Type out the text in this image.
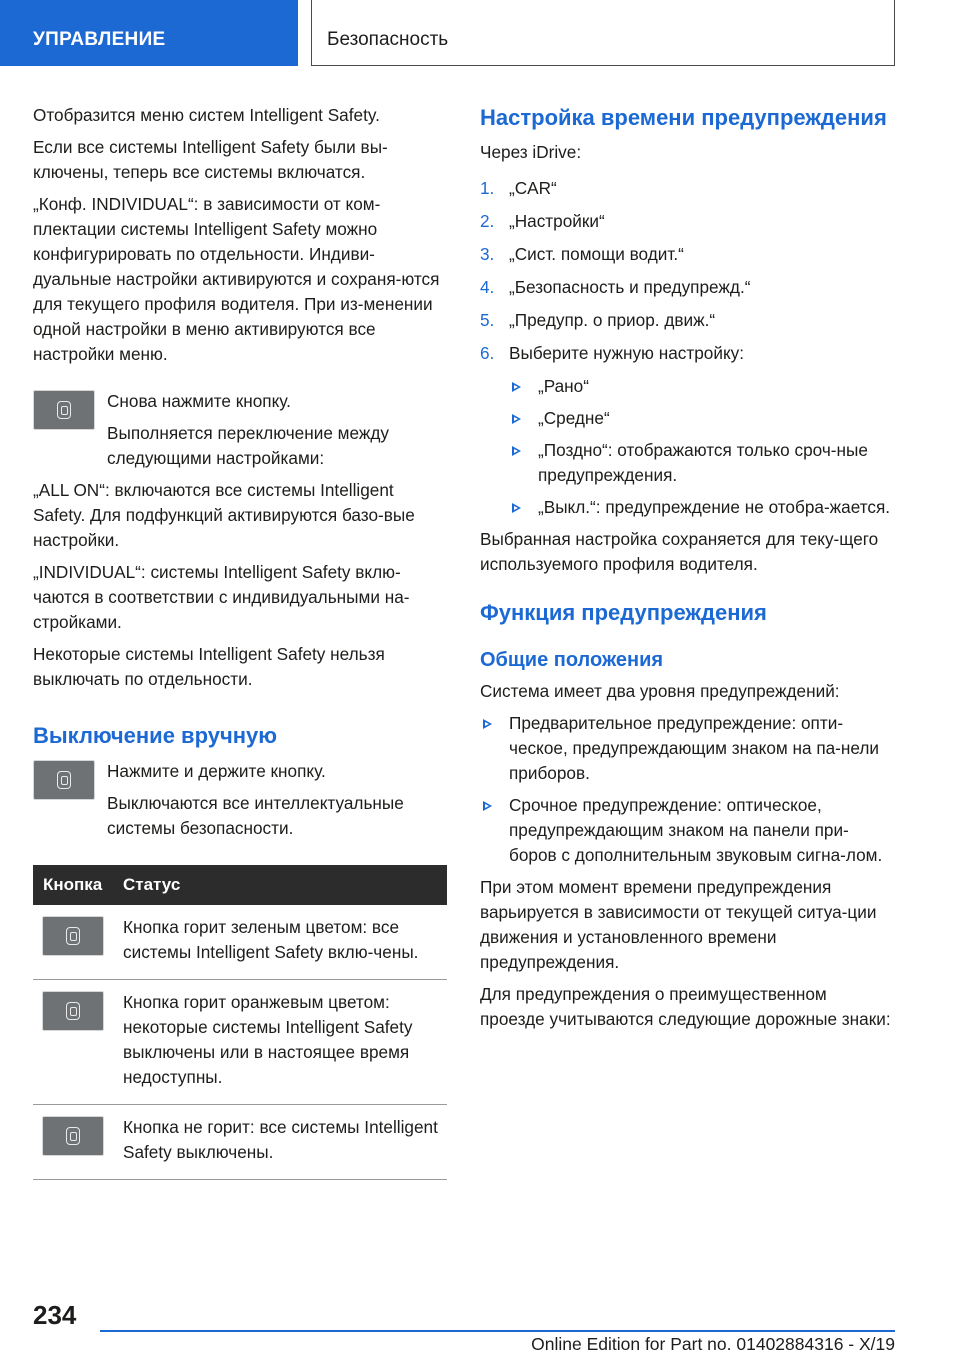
УПРАВЛЕНИЕ	Безопасность

Отобразится меню систем Intelligent Safety.

Если все системы Intelligent Safety были вы-ключены, теперь все системы включатся.

„Конф. INDIVIDUAL“: в зависимости от ком-плектации системы Intelligent Safety можно конфигурировать по отдельности. Индиви-дуальные настройки активируются и сохраня-ются для текущего профиля водителя. При из-менении одной настройки в меню активируются все настройки меню.

Снова нажмите кнопку.

Выполняется переключение между следующими настройками:

„ALL ON“: включаются все системы Intelligent Safety. Для подфункций активируются базо-вые настройки.

„INDIVIDUAL“: системы Intelligent Safety вклю-чаются в соответствии с индивидуальными на-стройками.

Некоторые системы Intelligent Safety нельзя выключать по отдельности.

Выключение вручную

Нажмите и держите кнопку.

Выключаются все интеллектуальные системы безопасности.

Кнопка	Статус

	Кнопка горит зеленым цветом: все системы Intelligent Safety вклю-чены.

	Кнопка горит оранжевым цветом: некоторые системы Intelligent Safety выключены или в настоящее время недоступны.

	Кнопка не горит: все системы Intelligent Safety выключены.
Настройка времени предупреждения

Через iDrive:

1. „CAR“
2. „Настройки“
3. „Сист. помощи водит.“
4. „Безопасность и предупрежд.“
5. „Предупр. о приор. движ.“
6. Выберите нужную настройку:
„Рано“
„Средне“
„Поздно“: отображаются только сроч-ные предупреждения.
„Выкл.“: предупреждение не отобра-жается.

Выбранная настройка сохраняется для теку-щего используемого профиля водителя.

Функция предупреждения
Общие положения

Система имеет два уровня предупреждений:

Предварительное предупреждение: опти-ческое, предупреждающим знаком на па-нели приборов.
Срочное предупреждение: оптическое, предупреждающим знаком на панели при-боров с дополнительным звуковым сигна-лом.

При этом момент времени предупреждения варьируется в зависимости от текущей ситуа-ции движения и установленного времени предупреждения.

Для предупреждения о преимущественном проезде учитываются следующие дорожные знаки:

234
Online Edition for Part no. 01402884316 - X/19
